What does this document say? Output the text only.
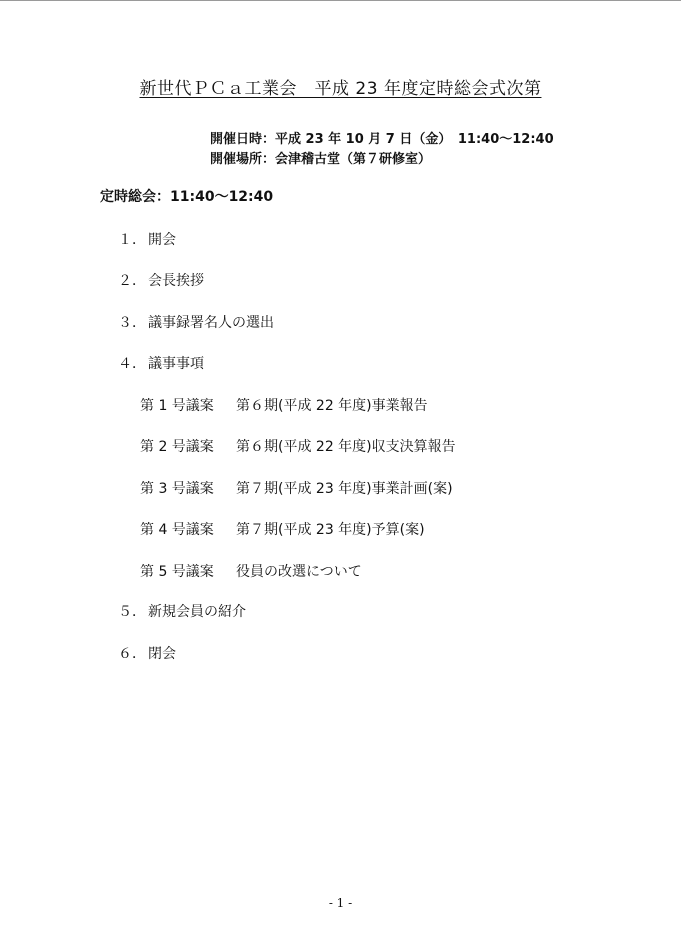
新世代ＰＣａ工業会　平成 23 年度定時総会式次第
開催日時：平成 23 年 10 月 7 日（金）　11:40～12:40
開催場所：会津稽古堂（第７研修室）
定時総会：11:40～12:40
１． 開会
２． 会長挨拶
３． 議事録署名人の選出
４． 議事事項
第 1 号議案 第６期(平成 22 年度)事業報告
第 2 号議案 第６期(平成 22 年度)収支決算報告
第 3 号議案 第７期(平成 23 年度)事業計画(案)
第 4 号議案 第７期(平成 23 年度)予算(案)
第 5 号議案 役員の改選について
５． 新規会員の紹介
６． 閉会
- 1 -
